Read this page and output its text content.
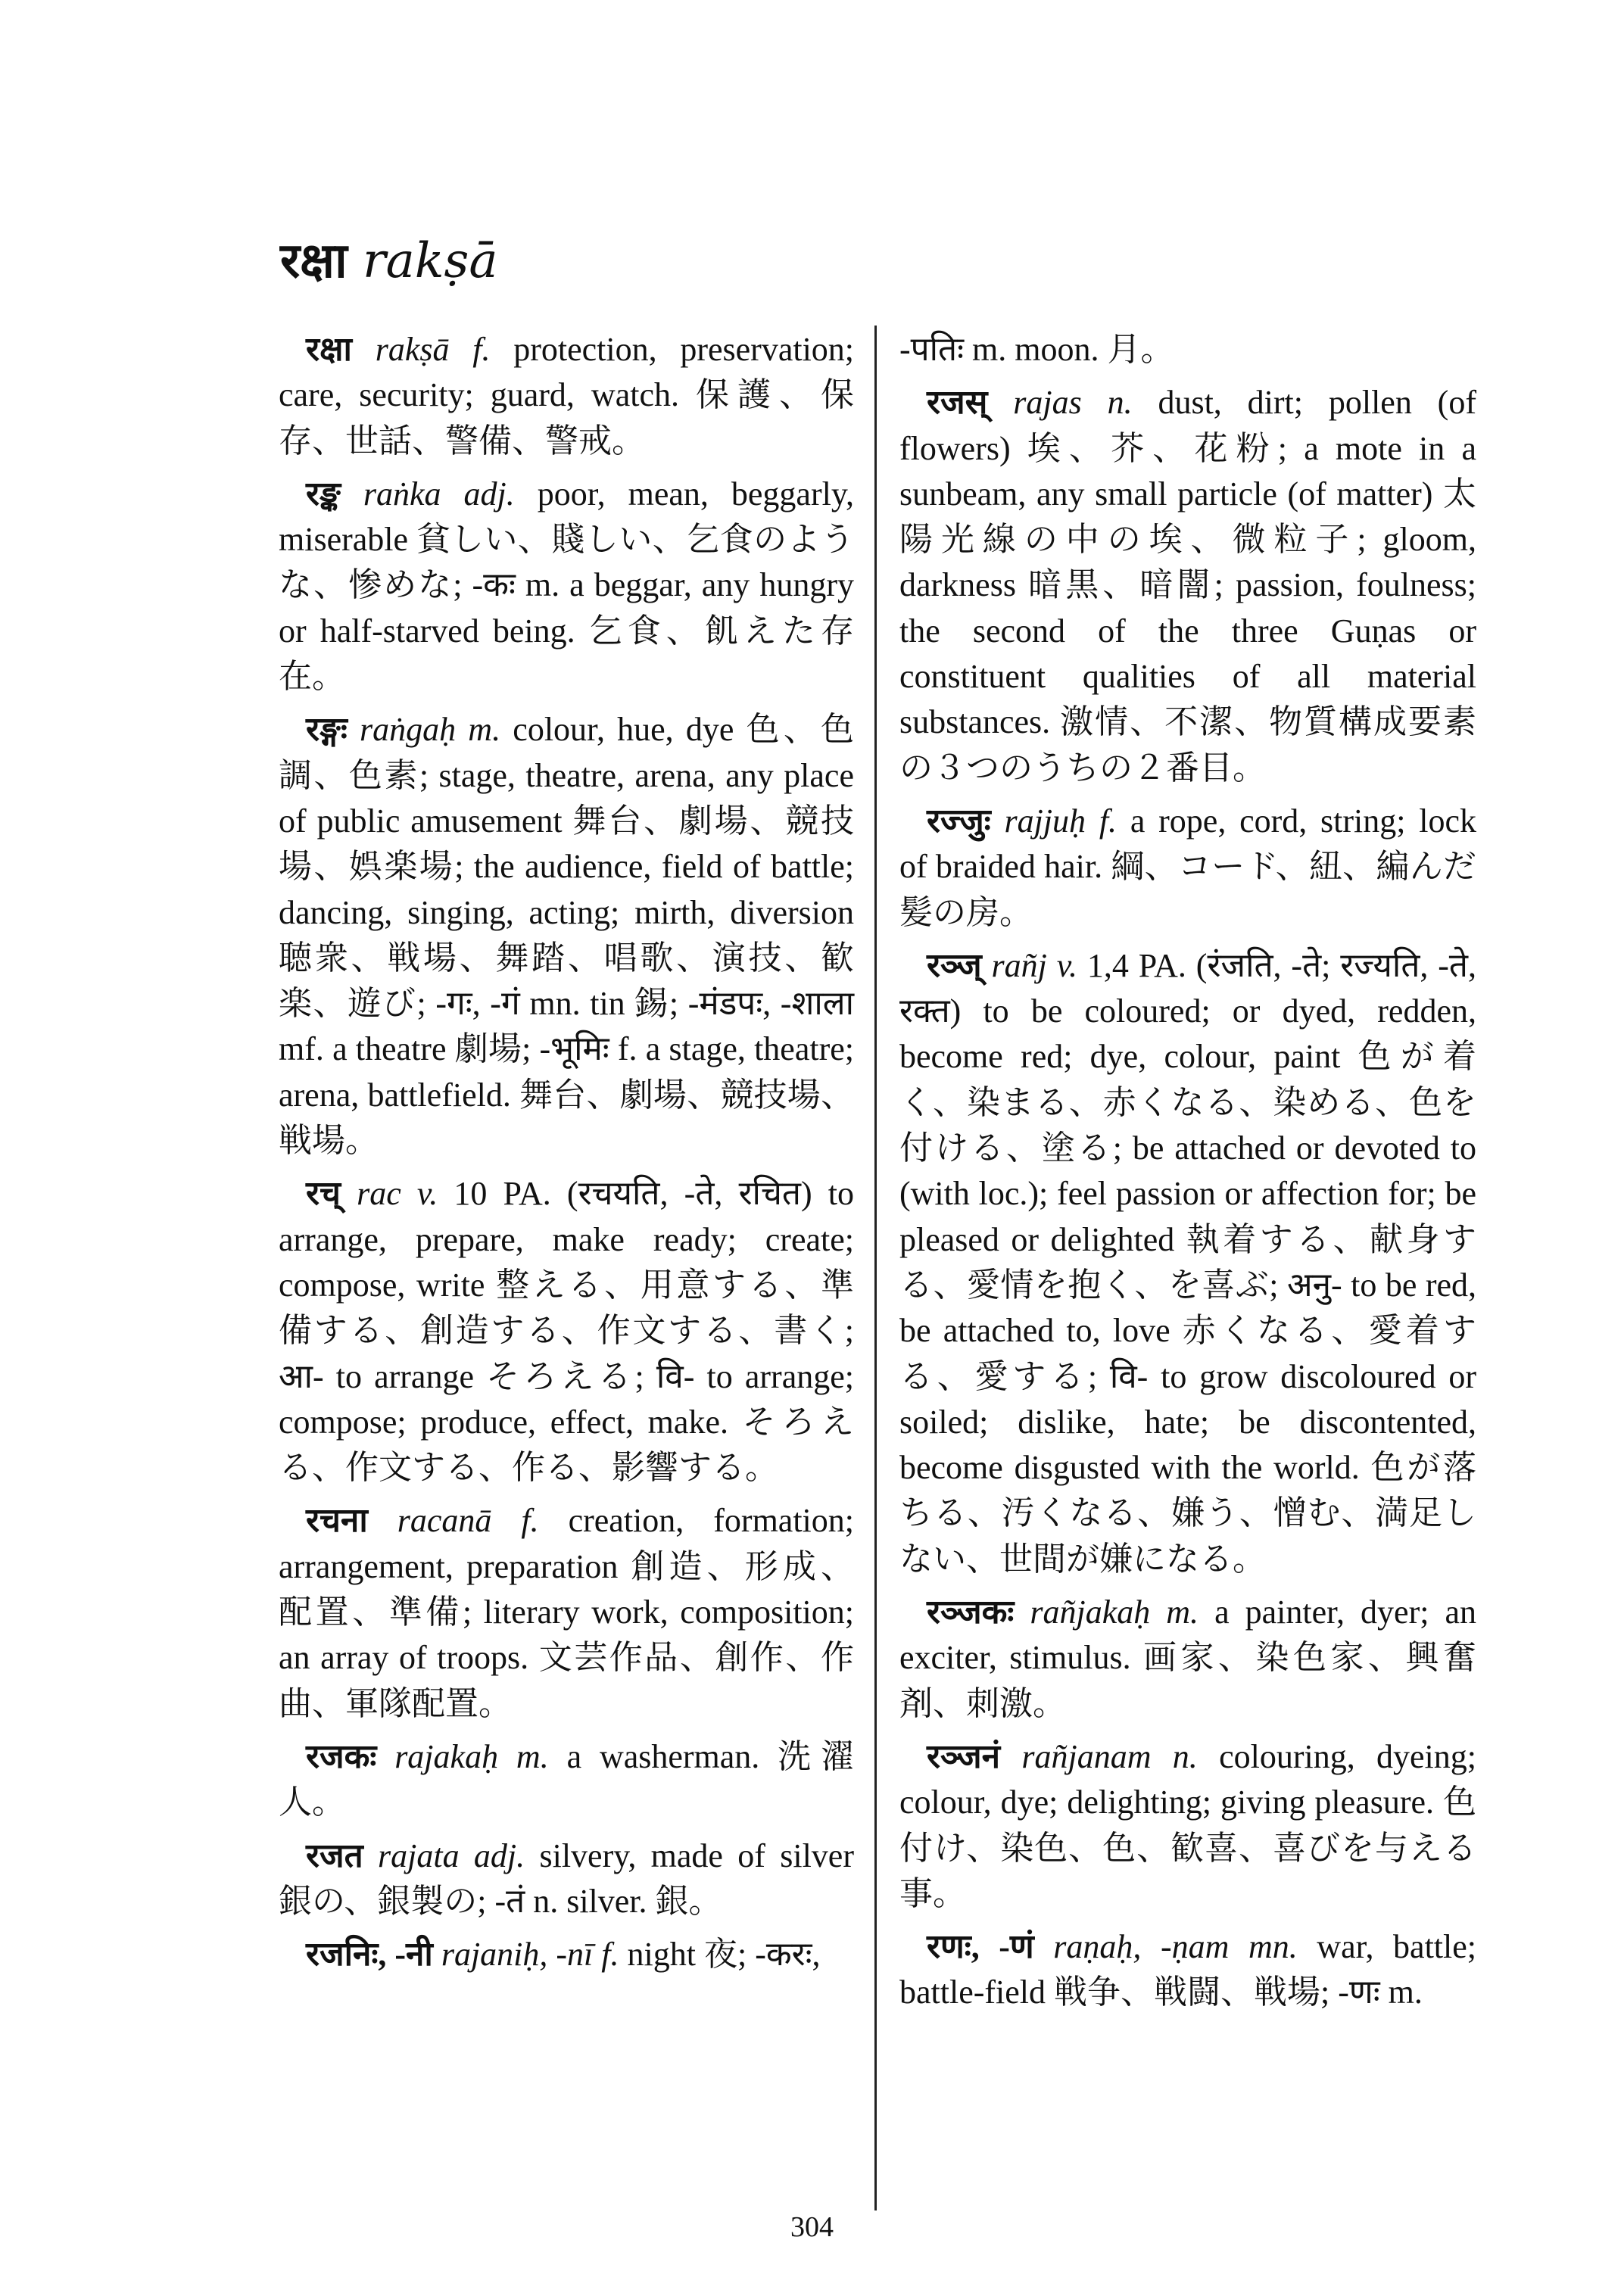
रक्षा rakṣā

रक्षा rakṣā f. protection, preservation; care, security; guard, watch. 保護、保存、世話、警備、警戒。

रङ्क raṅka adj. poor, mean, beggarly, miserable 貧しい、賤しい、乞食のような、惨めな; -कः m. a beggar, any hungry or half-starved being. 乞食、飢えた存在。

रङ्गः raṅgaḥ m. colour, hue, dye 色、色調、色素; stage, theatre, arena, any place of public amusement 舞台、劇場、競技場、娯楽場; the audience, field of battle; dancing, singing, acting; mirth, diversion 聴衆、戦場、舞踏、唱歌、演技、歓楽、遊び; -गः, -गं mn. tin 錫; -मंडपः, -शाला mf. a theatre 劇場; -भूमिः f. a stage, theatre; arena, battlefield. 舞台、劇場、競技場、戦場。

रच् rac v. 10 PA. (रचयति, -ते, रचित) to arrange, prepare, make ready; create; compose, write 整える、用意する、準備する、創造する、作文する、書く; आ- to arrange そろえる; वि- to arrange; compose; produce, effect, make. そろえる、作文する、作る、影響する。

रचना racanā f. creation, formation; arrangement, preparation 創造、形成、配置、準備; literary work, composition; an array of troops. 文芸作品、創作、作曲、軍隊配置。

रजकः rajakaḥ m. a washerman. 洗濯人。

रजत rajata adj. silvery, made of silver 銀の、銀製の; -तं n. silver. 銀。

रजनिः, -नी rajaniḥ, -nī f. night 夜; -करः,

-पतिः m. moon. 月。

रजस् rajas n. dust, dirt; pollen (of flowers) 埃、芥、花粉; a mote in a sunbeam, any small particle (of matter) 太陽光線の中の埃、微粒子; gloom, darkness 暗黒、暗闇; passion, foulness; the second of the three Guṇas or constituent qualities of all material substances. 激情、不潔、物質構成要素の３つのうちの２番目。

रज्जुः rajjuḥ f. a rope, cord, string; lock of braided hair. 綱、コード、紐、編んだ髪の房。

रञ्ज् rañj v. 1,4 PA. (रंजति, -ते; रज्यति, -ते, रक्त) to be coloured; or dyed, redden, become red; dye, colour, paint 色が着く、染まる、赤くなる、染める、色を付ける、塗る; be attached or devoted to (with loc.); feel passion or affection for; be pleased or delighted 執着する、献身する、愛情を抱く、を喜ぶ; अनु- to be red, be attached to, love 赤くなる、愛着する、愛する; वि- to grow discoloured or soiled; dislike, hate; be discontented, become disgusted with the world. 色が落ちる、汚くなる、嫌う、憎む、満足しない、世間が嫌になる。

रञ्जकः rañjakaḥ m. a painter, dyer; an exciter, stimulus. 画家、染色家、興奮剤、刺激。

रञ्जनं rañjanam n. colouring, dyeing; colour, dye; delighting; giving pleasure. 色付け、染色、色、歓喜、喜びを与える事。

रणः, -णं raṇaḥ, -ṇam mn. war, battle; battle-field 戦争、戦闘、戦場; -णः m.

304
